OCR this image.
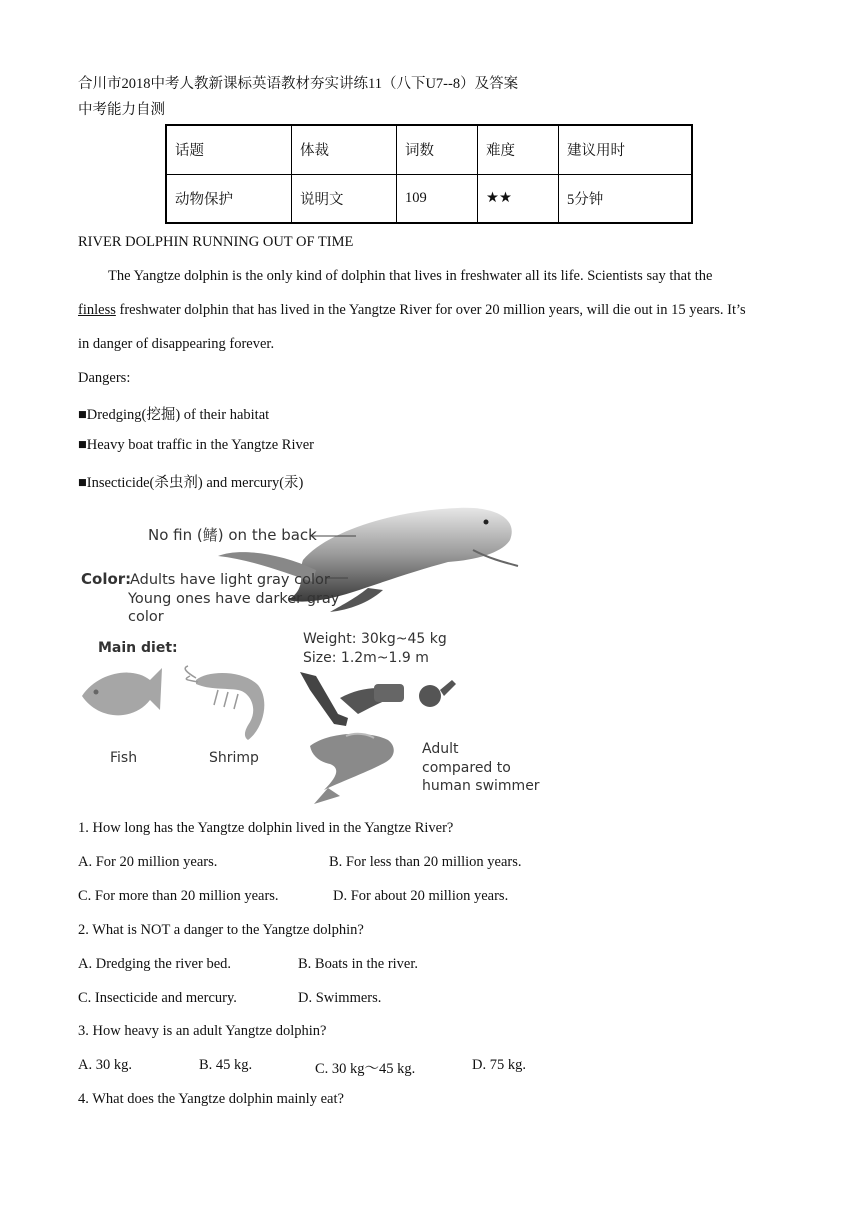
合川市2018中考人教新课标英语教材夯实讲练11（八下U7--8）及答案
中考能力自测
话题	体裁	词数	难度	建议用时
动物保护	说明文	109	★★	5分钟
RIVER DOLPHIN RUNNING OUT OF TIME
The Yangtze dolphin is the only kind of dolphin that lives in freshwater all its life. Scientists say that the
finless freshwater dolphin that has lived in the Yangtze River for over 20 million years, will die out in 15 years. It’s
in danger of disappearing forever.
Dangers:
■Dredging(挖掘) of their habitat
■Heavy boat traffic in the Yangtze River
■Insecticide(杀虫剂) and mercury(汞)
No fin (鳍) on the back
Color:
Adults have light gray color
Young ones have darker gray
color
Main diet:
Fish	Shrimp
Weight: 30kg~45 kg
Size: 1.2m~1.9 m
Adult
compared to
human swimmer
1. How long has the Yangtze dolphin lived in the Yangtze River?
A. For 20 million years.	B. For less than 20 million years.
C. For more than 20 million years.	D. For about 20 million years.
2. What is NOT a danger to the Yangtze dolphin?
A. Dredging the river bed.	B. Boats in the river.
C. Insecticide and mercury.	D. Swimmers.
3. How heavy is an adult Yangtze dolphin?
A. 30 kg.	B. 45 kg.	C. 30 kg～45 kg.	D. 75 kg.
4. What does the Yangtze dolphin mainly eat?
